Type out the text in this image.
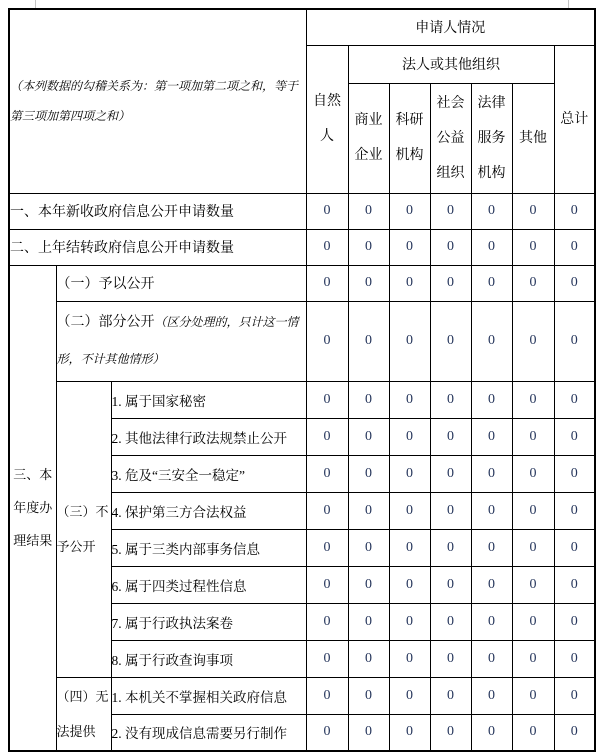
（本列数据的勾稽关系为：第一项加第二项之和，等于第三项加第四项之和）			申请人情况						
			自然人	法人或其他组织					总计
				商业企业	科研机构	社会公益组织	法律服务机构	其他	
一、本年新收政府信息公开申请数量			0	0	0	0	0	0	0
二、上年结转政府信息公开申请数量			0	0	0	0	0	0	0
三、本年度办理结果	（一）予以公开		0	0	0	0	0	0	0
	（二）部分公开（区分处理的，只计这一情形，不计其他情形）		0	0	0	0	0	0	0
	（三）不予公开	1. 属于国家秘密	0	0	0	0	0	0	0
		2. 其他法律行政法规禁止公开	0	0	0	0	0	0	0
		3. 危及“三安全一稳定”	0	0	0	0	0	0	0
		4. 保护第三方合法权益	0	0	0	0	0	0	0
		5. 属于三类内部事务信息	0	0	0	0	0	0	0
		6. 属于四类过程性信息	0	0	0	0	0	0	0
		7. 属于行政执法案卷	0	0	0	0	0	0	0
		8. 属于行政查询事项	0	0	0	0	0	0	0
	（四）无法提供	1. 本机关不掌握相关政府信息	0	0	0	0	0	0	0
		2. 没有现成信息需要另行制作	0	0	0	0	0	0	0
